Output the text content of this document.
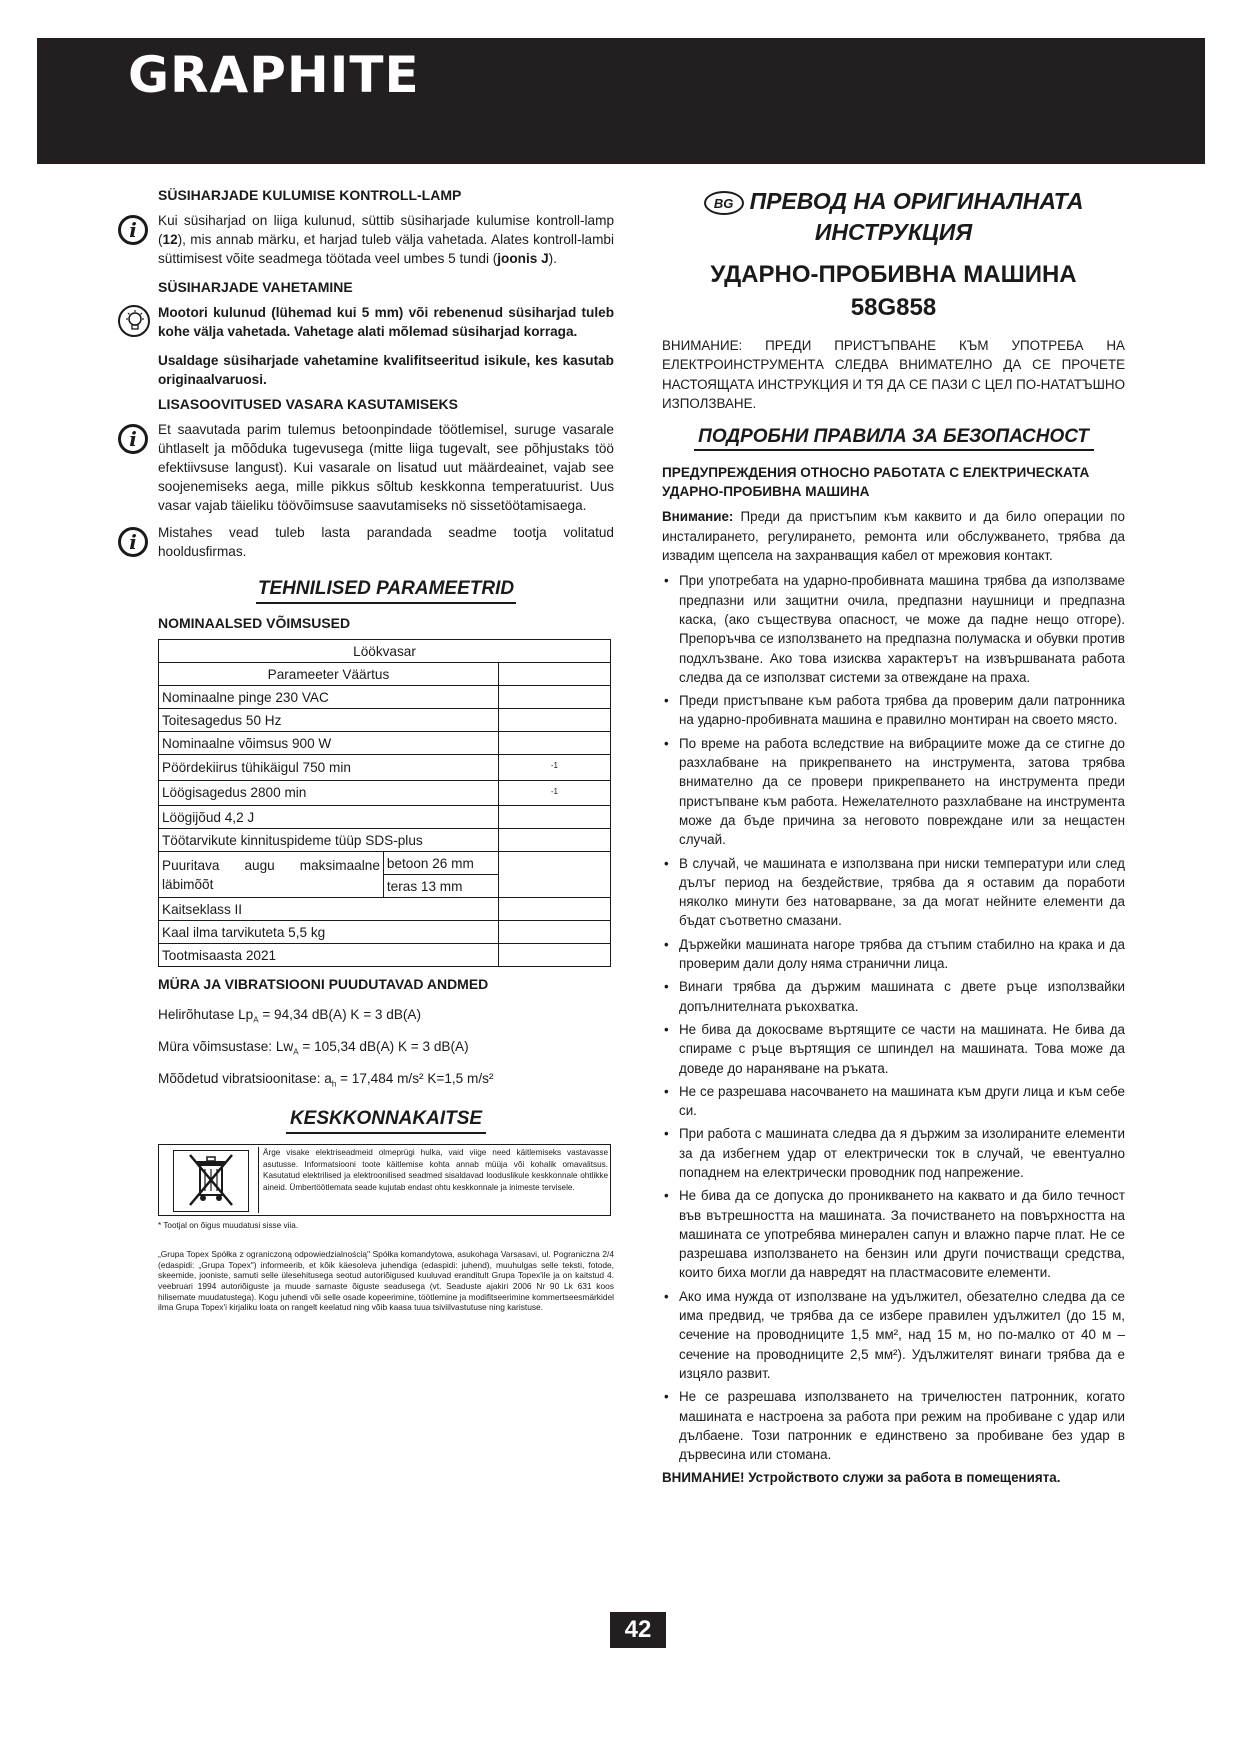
GRAPHITE
SÜSIHARJADE KULUMISE KONTROLL-LAMP
i	Kui süsiharjad on liiga kulunud, süttib süsiharjade kulumise kontroll-lamp (12), mis annab märku, et harjad tuleb välja vahetada. Alates kontroll-lambi süttimisest võite seadmega töötada veel umbes 5 tundi (joonis J).

SÜSIHARJADE VAHETAMINE

Mootori kulunud (lühemad kui 5 mm) või rebenenud süsiharjad tuleb kohe välja vahetada. Vahetage alati mõlemad süsiharjad korraga.

Usaldage süsiharjade vahetamine kvalifitseeritud isikule, kes kasutab originaalvaruosi.

LISASOOVITUSED VASARA KASUTAMISEKS
i	Et saavutada parim tulemus betoonpindade töötlemisel, suruge vasarale ühtlaselt ja mõõduka tugevusega (mitte liiga tugevalt, see põhjustaks töö efektiivsuse langust). Kui vasarale on lisatud uut määrdeainet, vajab see soojenemiseks aega, mille pikkus sõltub keskkonna temperatuurist. Uus vasar vajab täieliku töövõimsuse saavutamiseks nö sissetöötamisaega.

i	Mistahes vead tuleb lasta parandada seadme tootja volitatud hooldusfirmas.

TEHNILISED PARAMEETRID
NOMINAALSED VÕIMSUSED
Löökvasar		
Parameeter Väärtus		
Nominaalne pinge 230 VAC		
Toitesagedus 50 Hz		
Nominaalne võimsus 900 W		
Pöördekiirus tühikäigul 750 min		$^{-1}$
Löögisagedus 2800 min		$^{-1}$
Löögijõud 4,2 J		
Töötarvikute kinnituspideme tüüp SDS-plus		
Puuritava augu maksimaalne läbimõõt	betoon 26 mm	
	teras 13 mm	
Kaitseklass II		
Kaal ilma tarvikuteta 5,5 kg		
Tootmisaasta 2021		
MÜRA JA VIBRATSIOONI PUUDUTAVAD ANDMED
Helirõhutase $Lp_A = 94,34$ dB(A) K = 3 dB(A)
Müra võimsustase: $Lw_A = 105,34$ dB(A) K = 3 dB(A)
Mõõdetud vibratsioonitase: $a_h = 17,484$ m/s² K=1,5 m/s²
KESKKONNAKAITSE
Ärge visake elektriseadmeid olmeprügi hulka, vaid viige need käitlemiseks vastavasse asutusse. Informatsiooni toote käitlemise kohta annab müüja või kohalik omavalitsus. Kasutatud elektrilised ja elektroonilised seadmed sisaldavad looduslikule keskkonnale ohtlikke aineid. Ümbertöötlemata seade kujutab endast ohtu keskkonnale ja inimeste tervisele.
* Tootjal on õigus muudatusi sisse viia.
„Grupa Topex Spółka z ograniczoną odpowiedzialnością" Spółka komandytowa, asukohaga Varsasavi, ul. Pograniczna 2/4 (edaspidi: „Grupa Topex") informeerib, et kõik käesoleva juhendiga (edaspidi: juhend), muuhulgas selle teksti, fotode, skeemide, jooniste, samuti selle ülesehitusega seotud autoriõigused kuuluvad eranditult Grupa Topex'ile ja on kaitstud 4. veebruari 1994 autoriõiguste ja muude sarnaste õiguste seadusega (vt. Seaduste ajakiri 2006 Nr 90 Lk 631 koos hilisemate muudatustega). Kogu juhendi või selle osade kopeerimine, töötlemine ja modifitseerimine kommertseesmärkidel ilma Grupa Topex'i kirjaliku loata on rangelt keelatud ning võib kaasa tuua tsiviilvastutuse ning karistuse.

BG ПРЕВОД НА ОРИГИНАЛНАТА

ИНСТРУКЦИЯ

УДАРНО-ПРОБИВНА МАШИНА

58G858

ВНИМАНИЕ: ПРЕДИ ПРИСТЪПВАНЕ КЪМ УПОТРЕБА НА ЕЛЕКТРОИНСТРУМЕНТА СЛЕДВА ВНИМАТЕЛНО ДА СЕ ПРОЧЕТЕ НАСТОЯЩАТА ИНСТРУКЦИЯ И ТЯ ДА СЕ ПАЗИ С ЦЕЛ ПО-НАТАТЪШНО ИЗПОЛЗВАНЕ.

ПОДРОБНИ ПРАВИЛА ЗА БЕЗОПАСНОСТ
ПРЕДУПРЕЖДЕНИЯ ОТНОСНО РАБОТАТА С ЕЛЕКТРИЧЕСКАТА УДАРНО-ПРОБИВНА МАШИНА

Внимание: Преди да пристъпим към каквито и да било операции по инсталирането, регулирането, ремонта или обслужването, трябва да извадим щепсела на захранващия кабел от мрежовия контакт.

• При употребата на ударно-пробивната машина трябва да използваме предпазни или защитни очила, предпазни наушници и предпазна каска, (ако съществува опасност, че може да падне нещо отгоре). Препоръчва се използването на предпазна полумаска и обувки против подхлъзване. Ако това изисква характерът на извършваната работа следва да се използват системи за отвеждане на праха.
• Преди пристъпване към работа трябва да проверим дали патронника на ударно-пробивната машина е правилно монтиран на своето място.
• По време на работа вследствие на вибрациите може да се стигне до разхлабване на прикрепването на инструмента, затова трябва внимателно да се провери прикрепването на инструмента преди пристъпване към работа. Нежелателното разхлабване на инструмента може да бъде причина за неговото повреждане или за нещастен случай.
• В случай, че машината е използвана при ниски температури или след дълъг период на бездействие, трябва да я оставим да поработи няколко минути без натоварване, за да могат нейните елементи да бъдат съответно смазани.
• Държейки машината нагоре трябва да стъпим стабилно на крака и да проверим дали долу няма странични лица.
• Винаги трябва да държим машината с двете ръце използвайки допълнителната ръкохватка.
• Не бива да докосваме въртящите се части на машината. Не бива да спираме с ръце въртящия се шпиндел на машината. Това може да доведе до нараняване на ръката.
• Не се разрешава насочването на машината към други лица и към себе си.
• При работа с машината следва да я държим за изолираните елементи за да избегнем удар от електрически ток в случай, че евентуално попаднем на електрически проводник под напрежение.
• Не бива да се допуска до проникването на каквато и да било течност във вътрешността на машината. За почистването на повърхността на машината се употребява минерален сапун и влажно парче плат. Не се разрешава използването на бензин или други почистващи средства, които биха могли да навредят на пластмасовите елементи.
• Ако има нужда от използване на удължител, обезателно следва да се има предвид, че трябва да се избере правилен удължител (до 15 м, сечение на проводниците 1,5 мм², над 15 м, но по-малко от 40 м – сечение на проводниците 2,5 мм²). Удължителят винаги трябва да е изцяло развит.
• Не се разрешава използването на тричелюстен патронник, когато машината е настроена за работа при режим на пробиване с удар или дълбаене. Този патронник е единствено за пробиване без удар в дървесина или стомана.

ВНИМАНИЕ! Устройството служи за работа в помещенията.

42
